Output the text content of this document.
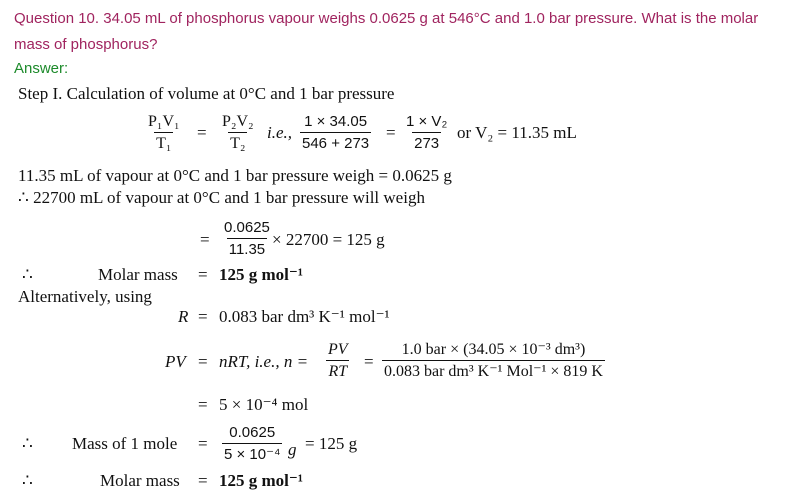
Question 10. 34.05 mL of phosphorus vapour weighs 0.0625 g at 546°C and 1.0 bar pressure. What is the molar mass of phosphorus?
Answer:
Step I. Calculation of volume at 0°C and 1 bar pressure
$\frac{\text{P₁V₁}}{\text{T₁}} = \frac{\text{P₂V₂}}{\text{T₂}} i.e$., $\frac{1 \times 34.05}{546 + 273} = \frac{\text{1 × V₂}}{273}$ or V₂ = 11.35 mL
11.35 mL of vapour at 0°C and 1 bar pressure weigh = 0.0625 g
∴ 22700 mL of vapour at 0°C and 1 bar pressure will weigh
= $\frac{0.0625}{11.35} \times 22700 = 125$ g
∴	Molar mass = 125 g mol⁻¹
Alternatively, using
R = 0.083 bar dm³ K⁻¹ mol⁻¹
PV = nRT, i.e., $n = \frac{PV}{RT}$ =
1.0 bar × (34.05 × 10⁻³ dm³)
0.083 bar dm³ K⁻¹ Mol⁻¹ × 819 K
= 5 × 10⁻⁴ mol
∴ Mass of 1 mole = $\frac{0.0625}{\text{5 × 10⁻⁴}}$ g = 125 g
∴	Molar mass = 125 g mol⁻¹
